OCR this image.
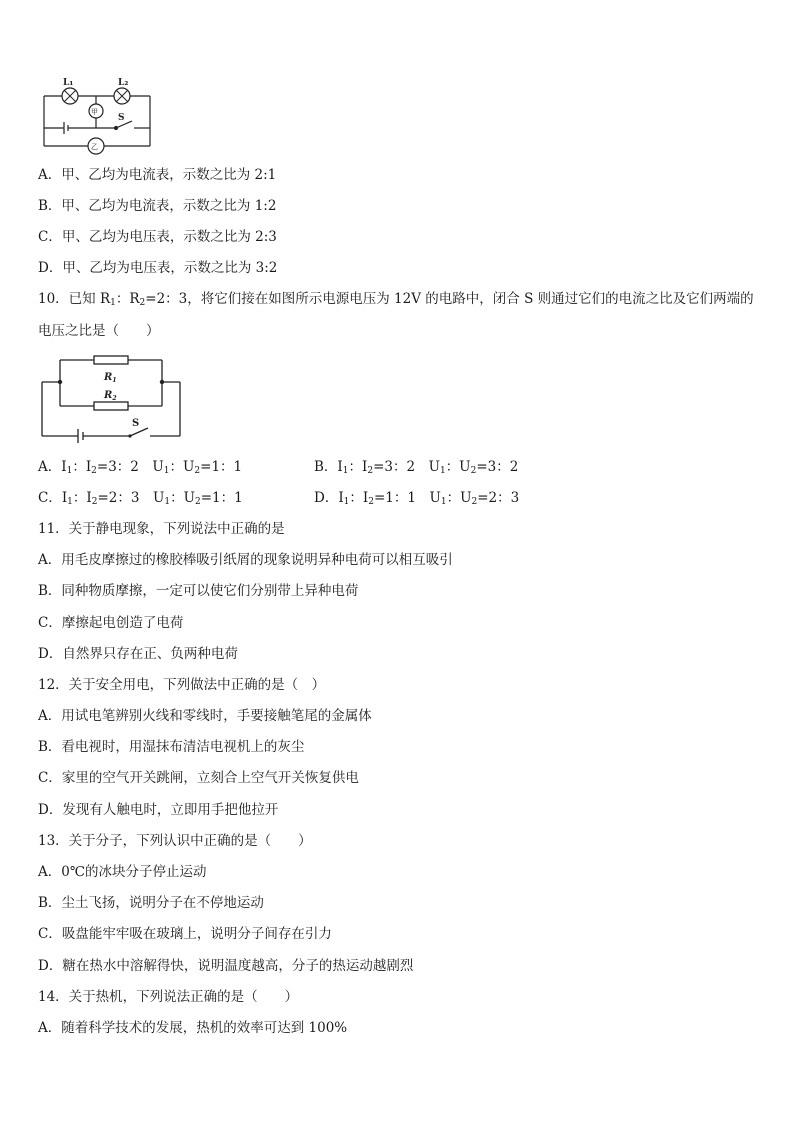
L₁	L₂
甲
乙
S
A．甲、乙均为电流表，示数之比为 2:1
B．甲、乙均为电流表，示数之比为 1:2
C．甲、乙均为电压表，示数之比为 2:3
D．甲、乙均为电压表，示数之比为 3:2
10．已知 $R_1$：$R_2=2$：3，将它们接在如图所示电源电压为 12V 的电路中，闭合 S 则通过它们的电流之比及它们两端的
电压之比是（　　）
$R_1$
$R_2$
S
A．$I_1$：$I_2=3$：2　$U_1$：$U_2=1$：1	B．$I_1$：$I_2=3$：2　$U_1$：$U_2=3$：2
C．$I_1$：$I_2=2$：3　$U_1$：$U_2=1$：1	D．$I_1$：$I_2=1$：1　$U_1$：$U_2=2$：3
11．关于静电现象，下列说法中正确的是
A．用毛皮摩擦过的橡胶棒吸引纸屑的现象说明异种电荷可以相互吸引
B．同种物质摩擦，一定可以使它们分别带上异种电荷
C．摩擦起电创造了电荷
D．自然界只存在正、负两种电荷
12．关于安全用电，下列做法中正确的是（　）
A．用试电笔辨别火线和零线时，手要接触笔尾的金属体
B．看电视时，用湿抹布清洁电视机上的灰尘
C．家里的空气开关跳闸，立刻合上空气开关恢复供电
D．发现有人触电时，立即用手把他拉开
13．关于分子，下列认识中正确的是（　　）
A．0℃的冰块分子停止运动
B．尘土飞扬，说明分子在不停地运动
C．吸盘能牢牢吸在玻璃上，说明分子间存在引力
D．糖在热水中溶解得快，说明温度越高，分子的热运动越剧烈
14．关于热机，下列说法正确的是（　　）
A．随着科学技术的发展，热机的效率可达到 100%
